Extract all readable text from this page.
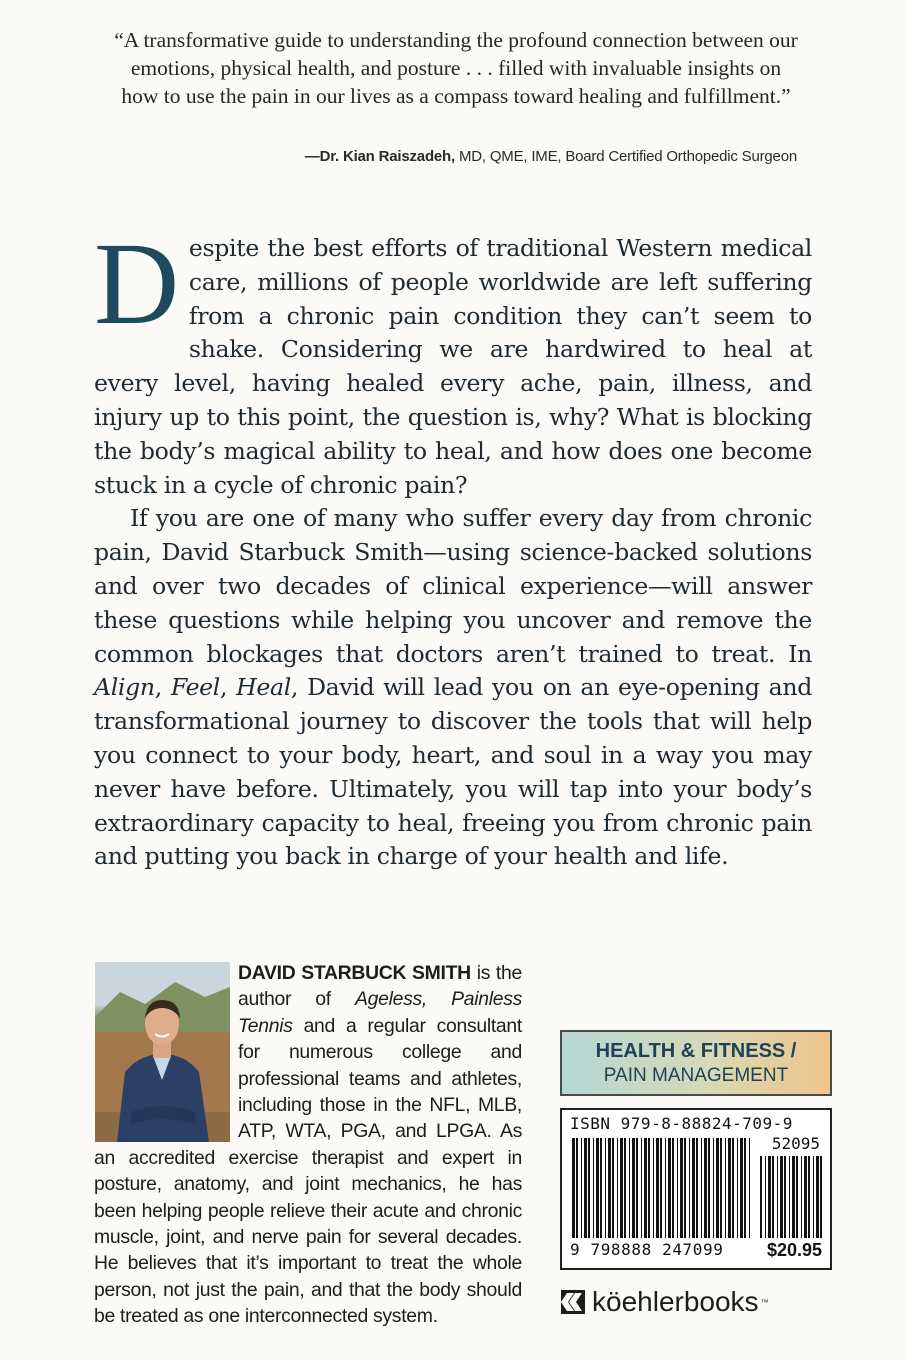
“A transformative guide to understanding the profound connection between our emotions, physical health, and posture . . . filled with invaluable insights on how to use the pain in our lives as a compass toward healing and fulfillment.”
—Dr. Kian Raiszadeh, MD, QME, IME, Board Certified Orthopedic Surgeon

Despite the best efforts of traditional Western medical care, millions of people worldwide are left suffering from a chronic pain condition they can’t seem to shake. Considering we are hardwired to heal at every level, having healed every ache, pain, illness, and injury up to this point, the question is, why? What is blocking the body’s magical ability to heal, and how does one become stuck in a cycle of chronic pain?

If you are one of many who suffer every day from chronic pain, David Starbuck Smith—using science-backed solutions and over two decades of clinical experience—will answer these questions while helping you uncover and remove the common blockages that doctors aren’t trained to treat. In Align, Feel, Heal, David will lead you on an eye-opening and transformational journey to discover the tools that will help you connect to your body, heart, and soul in a way you may never have before. Ultimately, you will tap into your body’s extraordinary capacity to heal, freeing you from chronic pain and putting you back in charge of your health and life.

DAVID STARBUCK SMITH is the author of Ageless, Painless Tennis and a regular consultant for numerous college and professional teams and athletes, including those in the NFL, MLB, ATP, WTA, PGA, and LPGA. As an accredited exercise therapist and expert in posture, anatomy, and joint mechanics, he has been helping people relieve their acute and chronic muscle, joint, and nerve pain for several decades. He believes that it’s important to treat the whole person, not just the pain, and that the body should be treated as one interconnected system.

HEALTH & FITNESS /
PAIN MANAGEMENT
ISBN 979-8-88824-709-9
52095
9 798888 247099 $20.95
köehlerbooks ™
